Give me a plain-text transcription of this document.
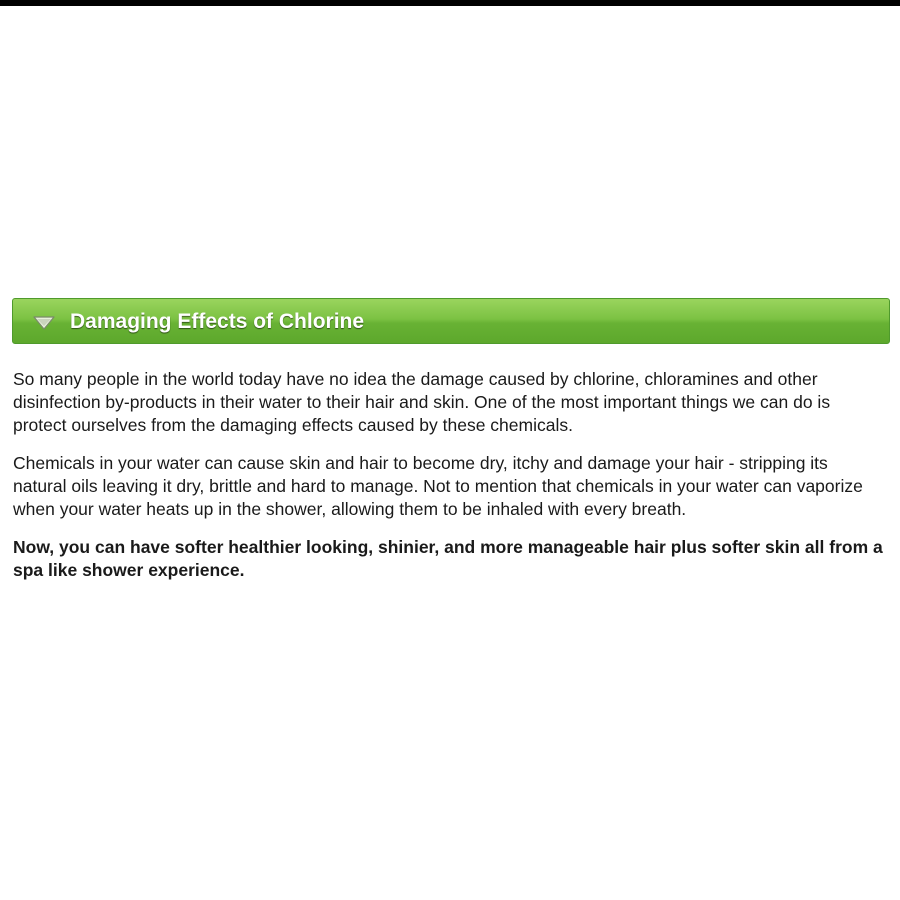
Damaging Effects of Chlorine

So many people in the world today have no idea the damage caused by chlorine, chloramines and other disinfection by-products in their water to their hair and skin. One of the most important things we can do is protect ourselves from the damaging effects caused by these chemicals.

Chemicals in your water can cause skin and hair to become dry, itchy and damage your hair - stripping its natural oils leaving it dry, brittle and hard to manage. Not to mention that chemicals in your water can vaporize when your water heats up in the shower, allowing them to be inhaled with every breath.

Now, you can have softer healthier looking, shinier, and more manageable hair plus softer skin all from a spa like shower experience.
